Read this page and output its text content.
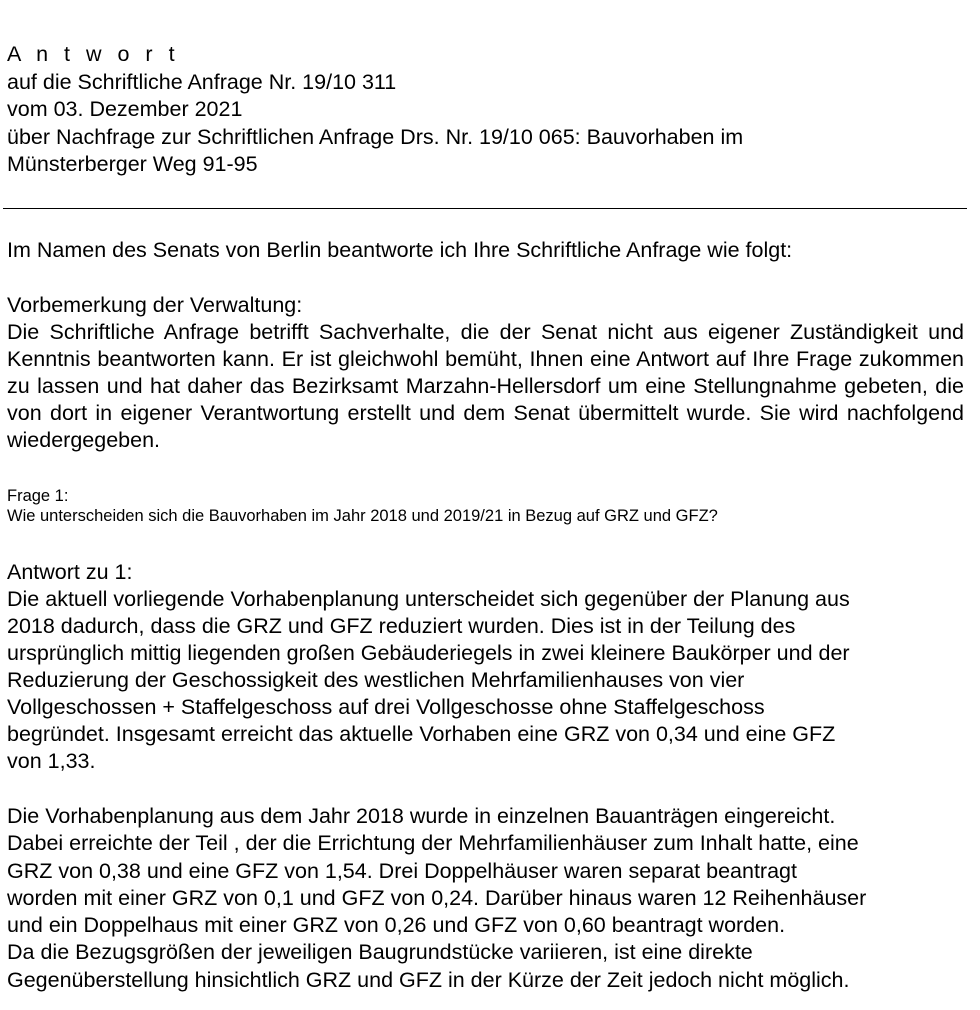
A n t w o r t
auf die Schriftliche Anfrage Nr. 19/10 311
vom 03. Dezember 2021
über Nachfrage zur Schriftlichen Anfrage Drs. Nr. 19/10 065: Bauvorhaben im
Münsterberger Weg 91-95
Im Namen des Senats von Berlin beantworte ich Ihre Schriftliche Anfrage wie folgt:
Vorbemerkung der Verwaltung:
Die Schriftliche Anfrage betrifft Sachverhalte, die der Senat nicht aus eigener Zuständigkeit und Kenntnis beantworten kann. Er ist gleichwohl bemüht, Ihnen eine Antwort auf Ihre Frage zukommen zu lassen und hat daher das Bezirksamt Marzahn-Hellersdorf um eine Stellungnahme gebeten, die von dort in eigener Verantwortung erstellt und dem Senat übermittelt wurde. Sie wird nachfolgend wiedergegeben.
Frage 1:
Wie unterscheiden sich die Bauvorhaben im Jahr 2018 und 2019/21 in Bezug auf GRZ und GFZ?
Antwort zu 1:
Die aktuell vorliegende Vorhabenplanung unterscheidet sich gegenüber der Planung aus
2018 dadurch, dass die GRZ und GFZ reduziert wurden. Dies ist in der Teilung des
ursprünglich mittig liegenden großen Gebäuderiegels in zwei kleinere Baukörper und der
Reduzierung der Geschossigkeit des westlichen Mehrfamilienhauses von vier
Vollgeschossen + Staffelgeschoss auf drei Vollgeschosse ohne Staffelgeschoss
begründet. Insgesamt erreicht das aktuelle Vorhaben eine GRZ von 0,34 und eine GFZ
von 1,33.
Die Vorhabenplanung aus dem Jahr 2018 wurde in einzelnen Bauanträgen eingereicht.
Dabei erreichte der Teil , der die Errichtung der Mehrfamilienhäuser zum Inhalt hatte, eine
GRZ von 0,38 und eine GFZ von 1,54. Drei Doppelhäuser waren separat beantragt
worden mit einer GRZ von 0,1 und GFZ von 0,24. Darüber hinaus waren 12 Reihenhäuser
und ein Doppelhaus mit einer GRZ von 0,26 und GFZ von 0,60 beantragt worden.
Da die Bezugsgrößen der jeweiligen Baugrundstücke variieren, ist eine direkte
Gegenüberstellung hinsichtlich GRZ und GFZ in der Kürze der Zeit jedoch nicht möglich.
